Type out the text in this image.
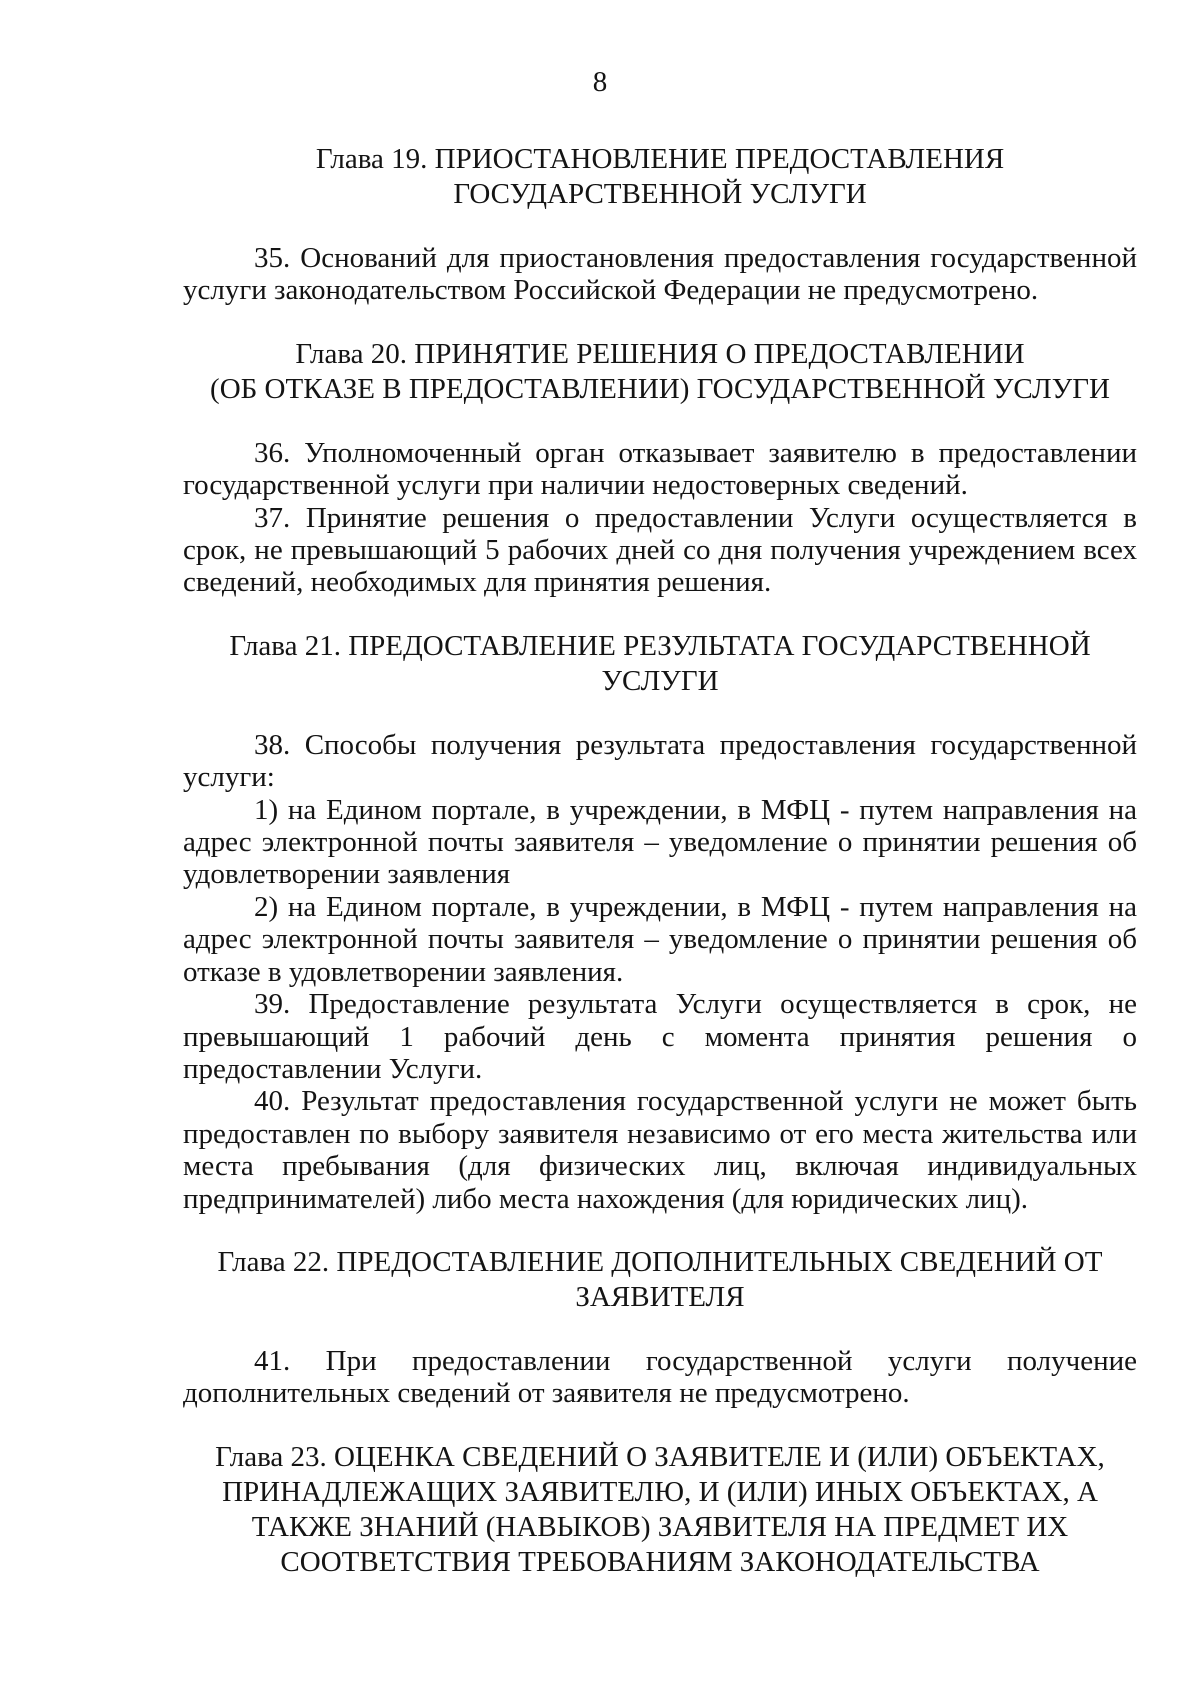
8
Глава 19. ПРИОСТАНОВЛЕНИЕ ПРЕДОСТАВЛЕНИЯ
ГОСУДАРСТВЕННОЙ УСЛУГИ

35. Оснований для приостановления предоставления государственной услуги законодательством Российской Федерации не предусмотрено.

Глава 20. ПРИНЯТИЕ РЕШЕНИЯ О ПРЕДОСТАВЛЕНИИ
(ОБ ОТКАЗЕ В ПРЕДОСТАВЛЕНИИ) ГОСУДАРСТВЕННОЙ УСЛУГИ

36. Уполномоченный орган отказывает заявителю в предоставлении государственной услуги при наличии недостоверных сведений.

37. Принятие решения о предоставлении Услуги осуществляется в срок, не превышающий 5 рабочих дней со дня получения учреждением всех сведений, необходимых для принятия решения.

Глава 21. ПРЕДОСТАВЛЕНИЕ РЕЗУЛЬТАТА ГОСУДАРСТВЕННОЙ
УСЛУГИ

38. Способы получения результата предоставления государственной услуги:

1) на Едином портале, в учреждении, в МФЦ - путем направления на адрес электронной почты заявителя – уведомление о принятии решения об удовлетворении заявления

2) на Едином портале, в учреждении, в МФЦ - путем направления на адрес электронной почты заявителя – уведомление о принятии решения об отказе в удовлетворении заявления.

39. Предоставление результата Услуги осуществляется в срок, не превышающий 1 рабочий день с момента принятия решения о предоставлении Услуги.

40. Результат предоставления государственной услуги не может быть предоставлен по выбору заявителя независимо от его места жительства или места пребывания (для физических лиц, включая индивидуальных предпринимателей) либо места нахождения (для юридических лиц).

Глава 22. ПРЕДОСТАВЛЕНИЕ ДОПОЛНИТЕЛЬНЫХ СВЕДЕНИЙ ОТ
ЗАЯВИТЕЛЯ

41. При предоставлении государственной услуги получение дополнительных сведений от заявителя не предусмотрено.

Глава 23. ОЦЕНКА СВЕДЕНИЙ О ЗАЯВИТЕЛЕ И (ИЛИ) ОБЪЕКТАХ,
ПРИНАДЛЕЖАЩИХ ЗАЯВИТЕЛЮ, И (ИЛИ) ИНЫХ ОБЪЕКТАХ, А
ТАКЖЕ ЗНАНИЙ (НАВЫКОВ) ЗАЯВИТЕЛЯ НА ПРЕДМЕТ ИХ
СООТВЕТСТВИЯ ТРЕБОВАНИЯМ ЗАКОНОДАТЕЛЬСТВА
